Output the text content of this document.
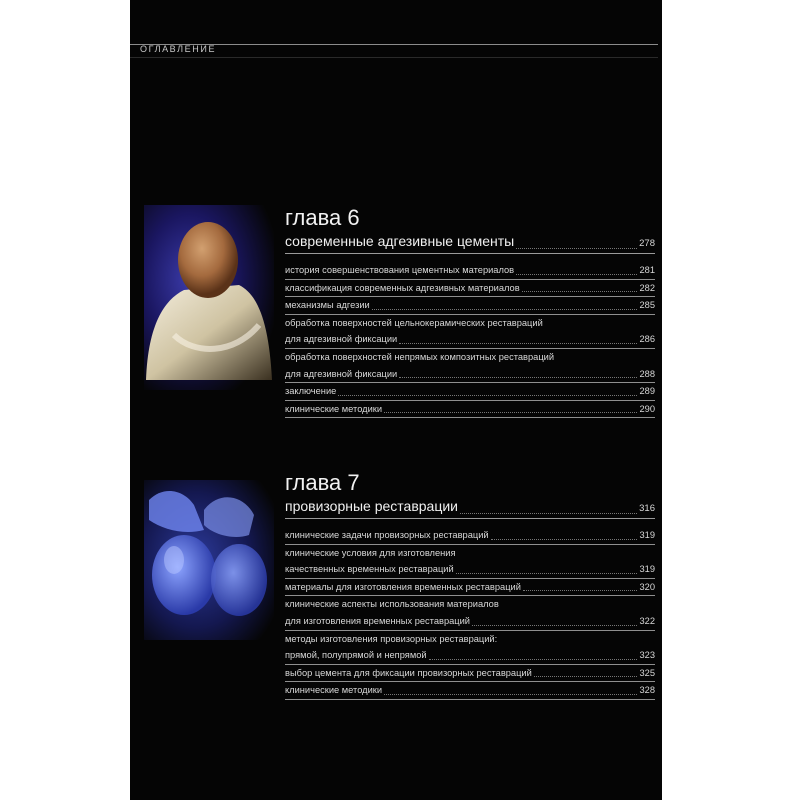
ОГЛАВЛЕНИЕ
глава 6
современные адгезивные цементы	278
история совершенствования цементных материалов	281
классификация современных адгезивных материалов	282
механизмы адгезии	285
обработка поверхностей цельнокерамических реставраций
для адгезивной фиксации	286
обработка поверхностей непрямых композитных реставраций
для адгезивной фиксации	288
заключение	289
клинические методики	290
глава 7
провизорные реставрации	316
клинические задачи провизорных реставраций	319
клинические условия для изготовления
качественных временных реставраций	319
материалы для изготовления временных реставраций	320
клинические аспекты использования материалов
для изготовления временных реставраций	322
методы изготовления провизорных реставраций:
прямой, полупрямой и непрямой	323
выбор цемента для фиксации провизорных реставраций	325
клинические методики	328
